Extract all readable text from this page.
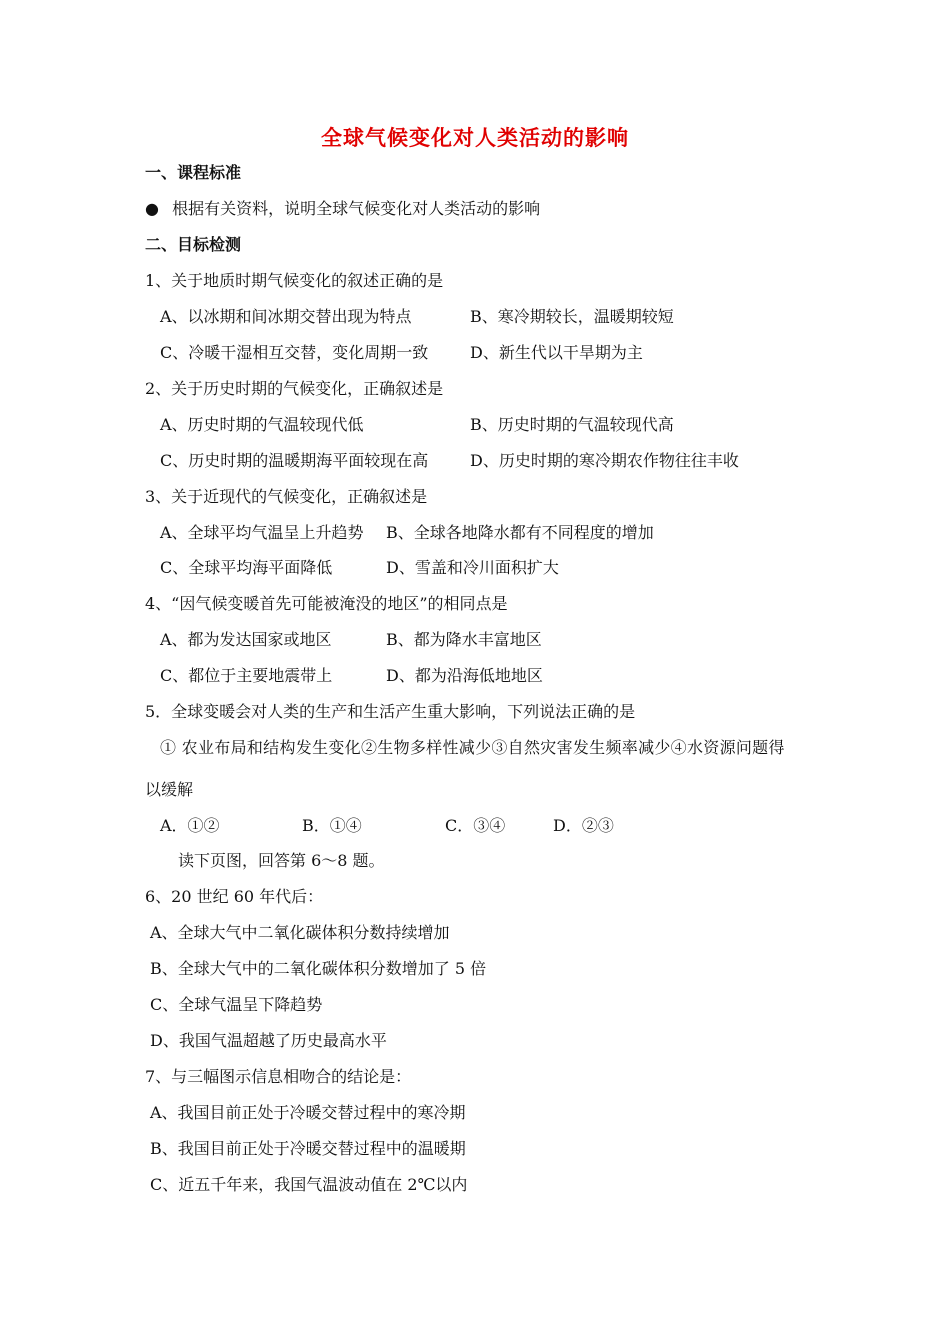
全球气候变化对人类活动的影响
一、课程标准
● 根据有关资料，说明全球气候变化对人类活动的影响
二、目标检测
1、关于地质时期气候变化的叙述正确的是
A、以冰期和间冰期交替出现为特点	B、寒冷期较长，温暖期较短
C、冷暖干湿相互交替，变化周期一致	D、新生代以干旱期为主
2、关于历史时期的气候变化，正确叙述是
A、历史时期的气温较现代低	B、历史时期的气温较现代高
C、历史时期的温暖期海平面较现在高	D、历史时期的寒冷期农作物往往丰收
3、关于近现代的气候变化，正确叙述是
A、全球平均气温呈上升趋势 B、全球各地降水都有不同程度的增加
C、全球平均海平面降低	D、雪盖和冷川面积扩大
4、“因气候变暖首先可能被淹没的地区”的相同点是
A、都为发达国家或地区	B、都为降水丰富地区
C、都位于主要地震带上	D、都为沿海低地地区
5．全球变暖会对人类的生产和生活产生重大影响，下列说法正确的是
① 农业布局和结构发生变化②生物多样性减少③自然灾害发生频率减少④水资源问题得
以缓解
A．①②	B．①④	C．③④	D．②③
读下页图，回答第 6～8 题。
6、20 世纪 60 年代后：
A、全球大气中二氧化碳体积分数持续增加
B、全球大气中的二氧化碳体积分数增加了 5 倍
C、全球气温呈下降趋势
D、我国气温超越了历史最高水平
7、与三幅图示信息相吻合的结论是：
A、我国目前正处于冷暖交替过程中的寒冷期
B、我国目前正处于冷暖交替过程中的温暖期
C、近五千年来，我国气温波动值在 2℃以内
